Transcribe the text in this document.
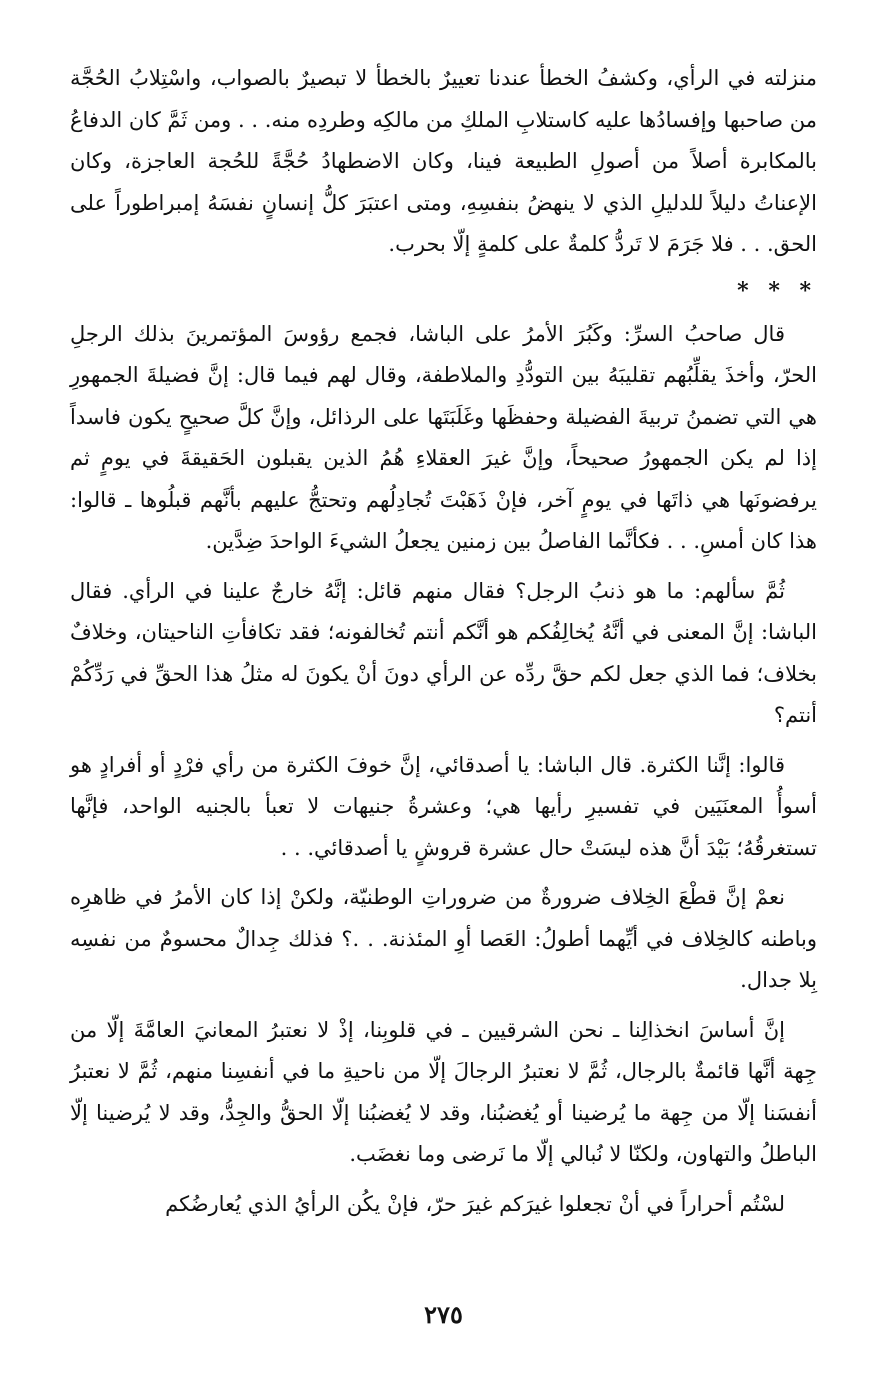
منزلته في الرأي، وكشفُ الخطأ عندنا تعييرٌ بالخطأ لا تبصيرٌ بالصواب، واسْتِلابُ الحُجَّة من صاحبها وإفسادُها عليه كاستلابِ الملكِ من مالكِه وطردِه منه. . . ومن ثَمَّ كان الدفاعُ بالمكابرة أصلاً من أصولِ الطبيعة فينا، وكان الاضطهادُ حُجَّةً للحُجة العاجزة، وكان الإعناتُ دليلاً للدليلِ الذي لا ينهضُ بنفسِهِ، ومتى اعتبَرَ كلُّ إنسانٍ نفسَهُ إمبراطوراً على الحق. . . فلا جَرَمَ لا تَردُّ كلمةٌ على كلمةٍ إلّا بحرب.

* * *

قال صاحبُ السرِّ: وكَبُرَ الأمرُ على الباشا، فجمع رؤوسَ المؤتمرينَ بذلك الرجلِ الحرّ، وأخذَ يقلِّبُهم تقليبَهُ بين التودُّدِ والملاطفة، وقال لهم فيما قال: إنَّ فضيلةَ الجمهورِ هي التي تضمنُ تربيةَ الفضيلة وحفظَها وغَلَبَتَها على الرذائل، وإنَّ كلَّ صحيحٍ يكون فاسداً إذا لم يكن الجمهورُ صحيحاً، وإنَّ غيرَ العقلاءِ هُمُ الذين يقبلون الحَقيقةَ في يومٍ ثم يرفضونَها هي ذاتَها في يومٍ آخر، فإنْ ذَهَبْتَ تُجادِلُهم وتحتجُّ عليهم بأنَّهم قبلُوها ـ قالوا: هذا كان أمسِ. . . فكأنَّما الفاصلُ بين زمنين يجعلُ الشيءَ الواحدَ ضِدَّين.

ثُمَّ سألهم: ما هو ذنبُ الرجل؟ فقال منهم قائل: إنَّهُ خارجٌ علينا في الرأي. فقال الباشا: إنَّ المعنى في أنَّهُ يُخالِفُكم هو أنَّكم أنتم تُخالفونه؛ فقد تكافأتِ الناحيتان، وخلافٌ بخلاف؛ فما الذي جعل لكم حقَّ ردِّه عن الرأي دونَ أنْ يكونَ له مثلُ هذا الحقِّ في رَدِّكُمْ أنتم؟

قالوا: إنَّنا الكثرة. قال الباشا: يا أصدقائي، إنَّ خوفَ الكثرة من رأي فرْدٍ أو أفرادٍ هو أسوأُ المعنَيَين في تفسيرِ رأيها هي؛ وعشرةُ جنيهات لا تعبأ بالجنيه الواحد، فإنَّها تستغرقُهُ؛ بَيْدَ أنَّ هذه ليسَتْ حال عشرة قروشٍ يا أصدقائي. . .

نعمْ إنَّ قطْعَ الخِلاف ضرورةٌ من ضروراتِ الوطنيّة، ولكنْ إذا كان الأمرُ في ظاهرِه وباطنه كالخِلاف في أيِّهما أطولُ: العَصا أوِ المئذنة. . .؟ فذلك جِدالٌ محسومٌ من نفسِه بِلا جدال.

إنَّ أساسَ انخذالِنا ـ نحن الشرقيين ـ في قلوبِنا، إذْ لا نعتبرُ المعانيَ العامَّةَ إلّا من جِهة أنَّها قائمةٌ بالرجال، ثُمَّ لا نعتبرُ الرجالَ إلّا من ناحيةِ ما في أنفسِنا منهم، ثُمَّ لا نعتبرُ أنفسَنا إلّا من جِهة ما يُرضينا أو يُغضبُنا، وقد لا يُغضبُنا إلّا الحقُّ والجِدُّ، وقد لا يُرضينا إلّا الباطلُ والتهاون، ولكنّا لا نُبالي إلّا ما نَرضى وما نغضَب.

لسْتُم أحراراً في أنْ تجعلوا غيرَكم غيرَ حرّ، فإنْ يكُن الرأيُ الذي يُعارضُكم

٢٧٥
